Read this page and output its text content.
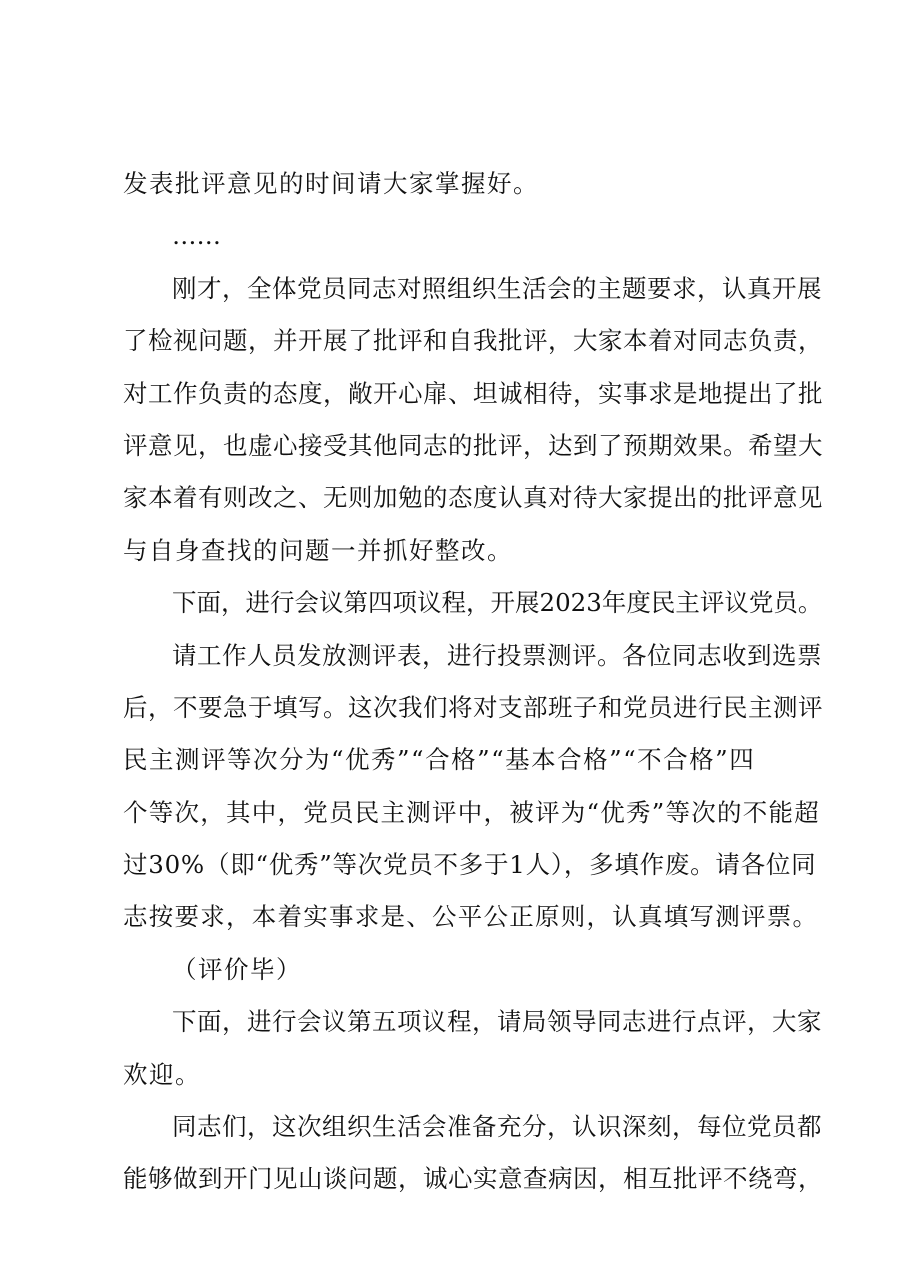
发表批评意见的时间请大家掌握好。
……
刚才，全体党员同志对照组织生活会的主题要求，认真开展
了检视问题，并开展了批评和自我批评，大家本着对同志负责，
对工作负责的态度，敞开心扉、坦诚相待，实事求是地提出了批
评意见，也虚心接受其他同志的批评，达到了预期效果。希望大
家本着有则改之、无则加勉的态度认真对待大家提出的批评意见
与自身查找的问题一并抓好整改。
下面，进行会议第四项议程，开展2023年度民主评议党员。
请工作人员发放测评表，进行投票测评。各位同志收到选票
后，不要急于填写。这次我们将对支部班子和党员进行民主测评
民主测评等次分为“优秀”“合格”“基本合格”“不合格”四
个等次，其中，党员民主测评中，被评为“优秀”等次的不能超
过30%（即“优秀”等次党员不多于1人），多填作废。请各位同
志按要求，本着实事求是、公平公正原则，认真填写测评票。
（评价毕）
下面，进行会议第五项议程，请局领导同志进行点评，大家
欢迎。
同志们，这次组织生活会准备充分，认识深刻，每位党员都
能够做到开门见山谈问题，诚心实意查病因，相互批评不绕弯，
